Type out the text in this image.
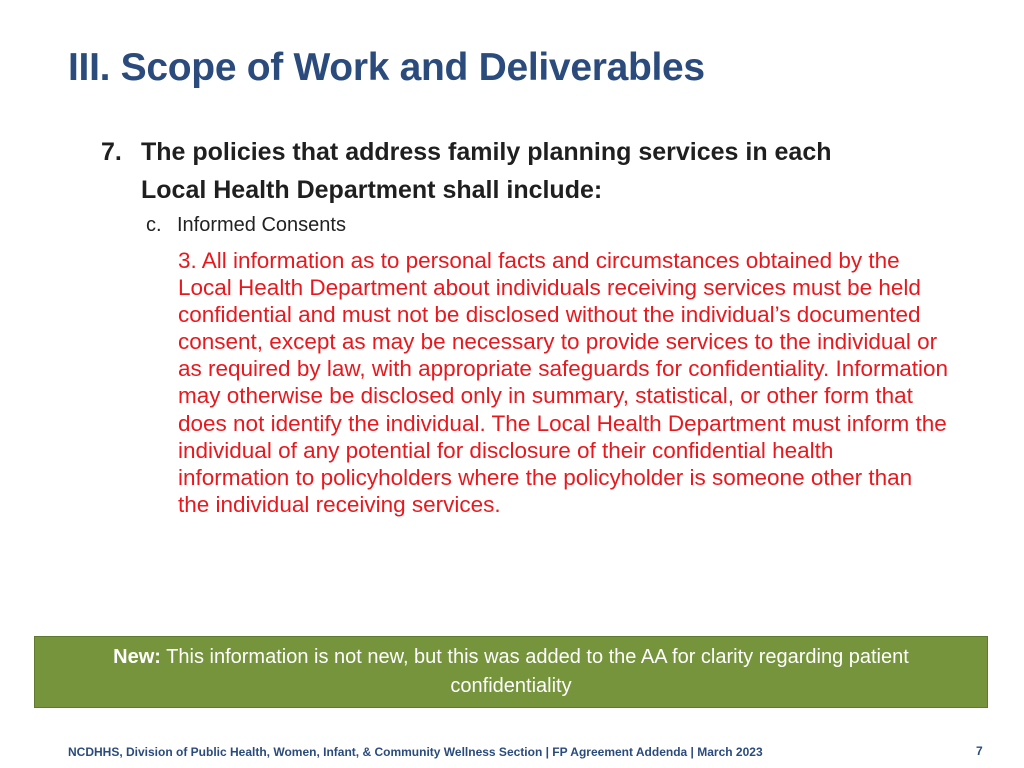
III. Scope of Work and Deliverables
7. The policies that address family planning services in each Local Health Department shall include:
c. Informed Consents
3. All information as to personal facts and circumstances obtained by the Local Health Department about individuals receiving services must be held confidential and must not be disclosed without the individual’s documented consent, except as may be necessary to provide services to the individual or as required by law, with appropriate safeguards for confidentiality. Information may otherwise be disclosed only in summary, statistical, or other form that does not identify the individual. The Local Health Department must inform the individual of any potential for disclosure of their confidential health information to policyholders where the policyholder is someone other than the individual receiving services.
New: This information is not new, but this was added to the AA for clarity regarding patient confidentiality
NCDHHS, Division of Public Health, Women, Infant, & Community Wellness Section | FP Agreement Addenda | March 2023	7
